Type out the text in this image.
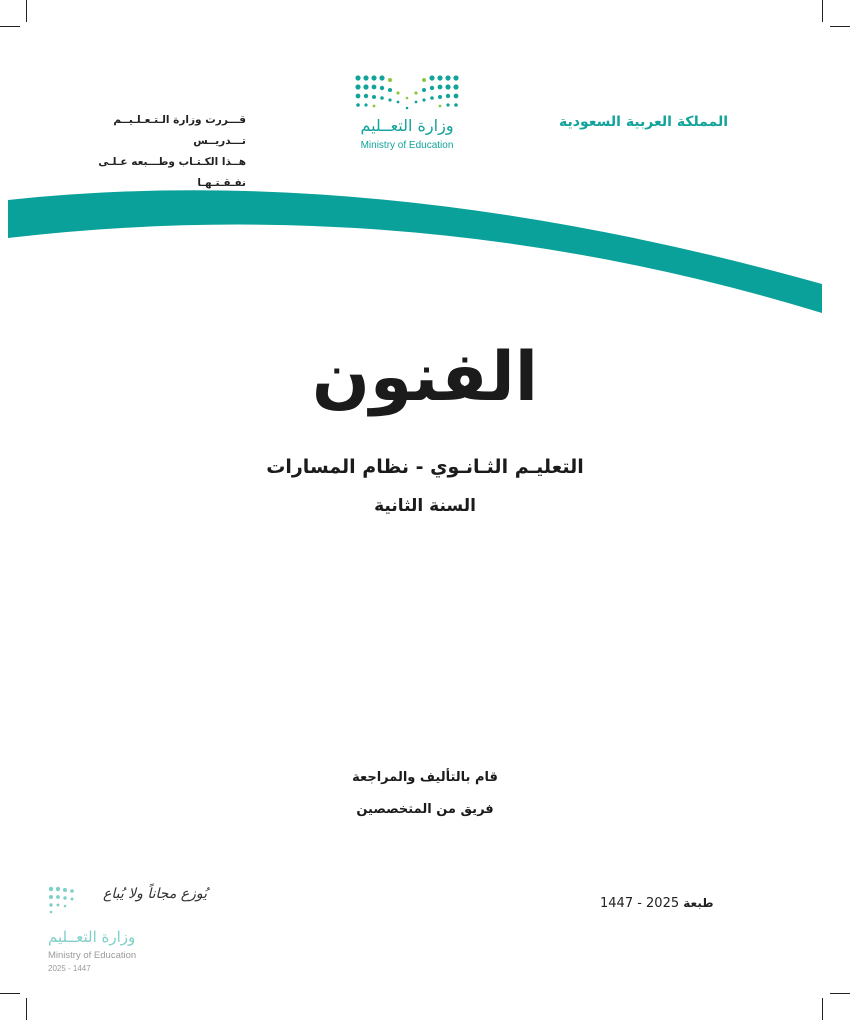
المملكة العربية السعودية
وزارة التعــليم
Ministry of Education
قـــررت وزارة الـتـعـلـيــم تـــدريــس
هــذا الكـتـاب وطـــبعه عـلـى نفـقـتـهـا
الفنون
التعليـم الثـانـوي - نظام المسارات
السنة الثانية
قام بالتأليف والمراجعة
فريق من المتخصصين
1447 - 2025 طبعة
يُوزع مجاناً ولا يُباع
وزارة التعــليم
Ministry of Education
2025 - 1447
